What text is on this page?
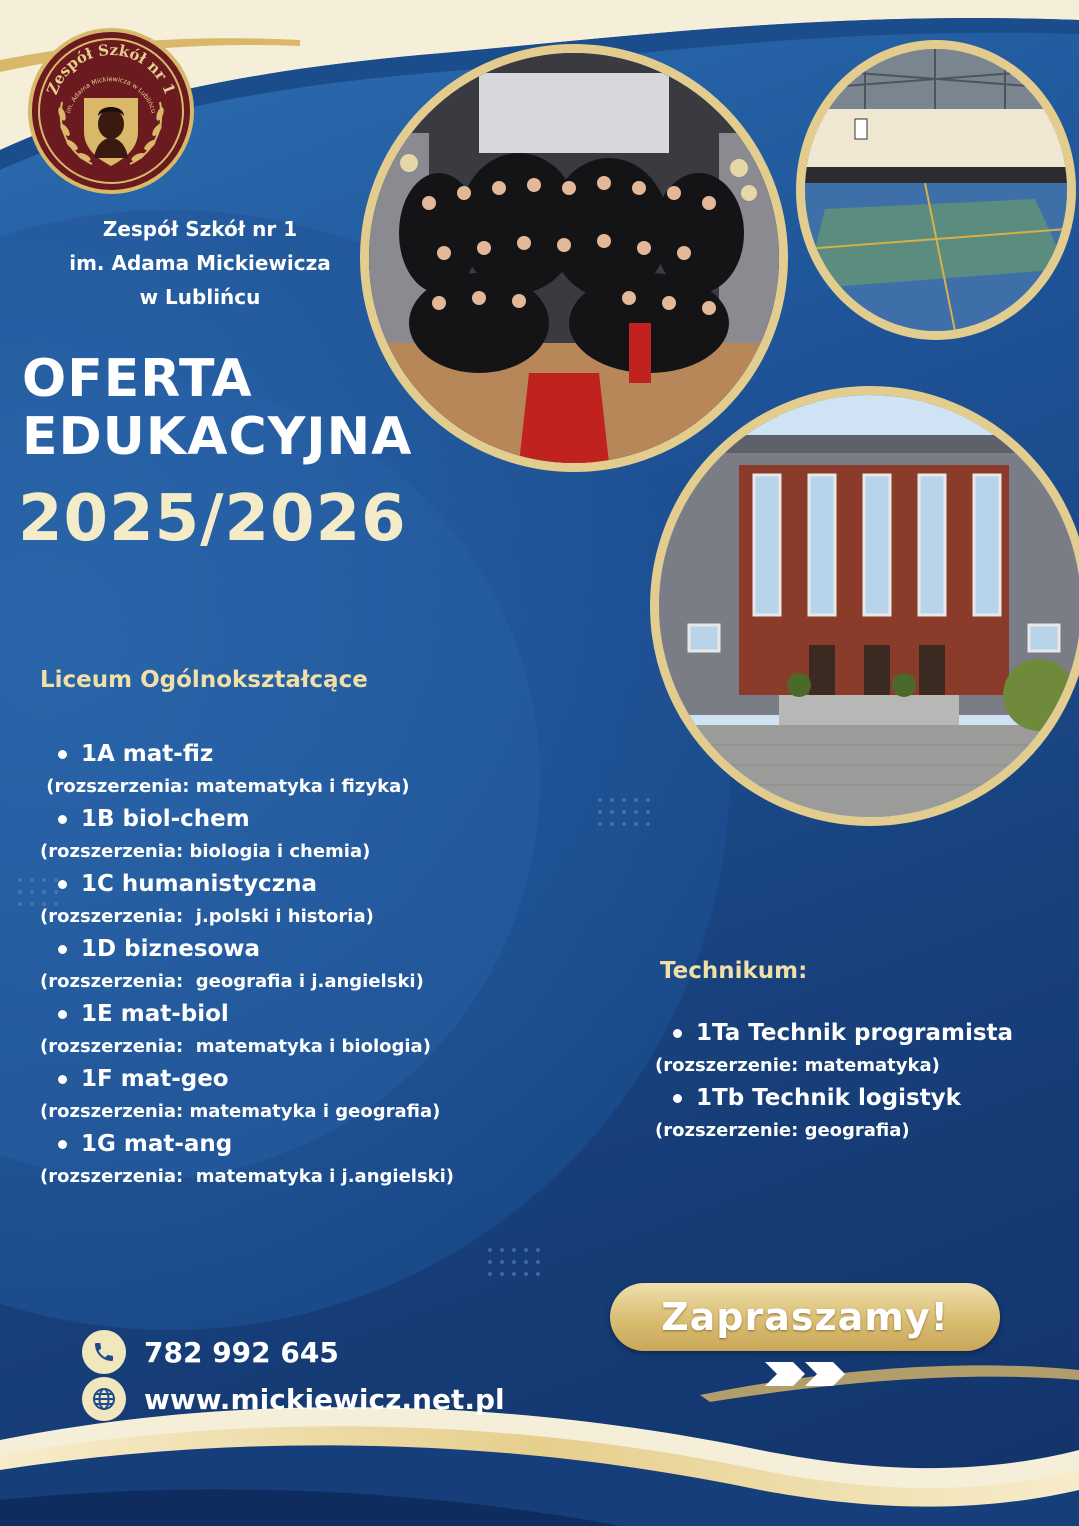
Zespół Szkół nr 1
im. Adama Mickiewicza w Lublińcu
Zespół Szkół nr 1
im. Adama Mickiewicza
w Lublińcu
OFERTA
EDUKACYJNA
2025/2026
Liceum Ogólnokształcące
1A mat-fiz
(rozszerzenia: matematyka i fizyka)
1B biol-chem
(rozszerzenia: biologia i chemia)
1C humanistyczna
(rozszerzenia:  j.polski i historia)
1D biznesowa
(rozszerzenia:  geografia i j.angielski)
1E mat-biol
(rozszerzenia:  matematyka i biologia)
1F mat-geo
(rozszerzenia: matematyka i geografia)
1G mat-ang
(rozszerzenia:  matematyka i j.angielski)
Technikum:
1Ta Technik programista
(rozszerzenie: matematyka)
1Tb Technik logistyk
(rozszerzenie: geografia)
Zapraszamy!
782 992 645
www.mickiewicz.net.pl
